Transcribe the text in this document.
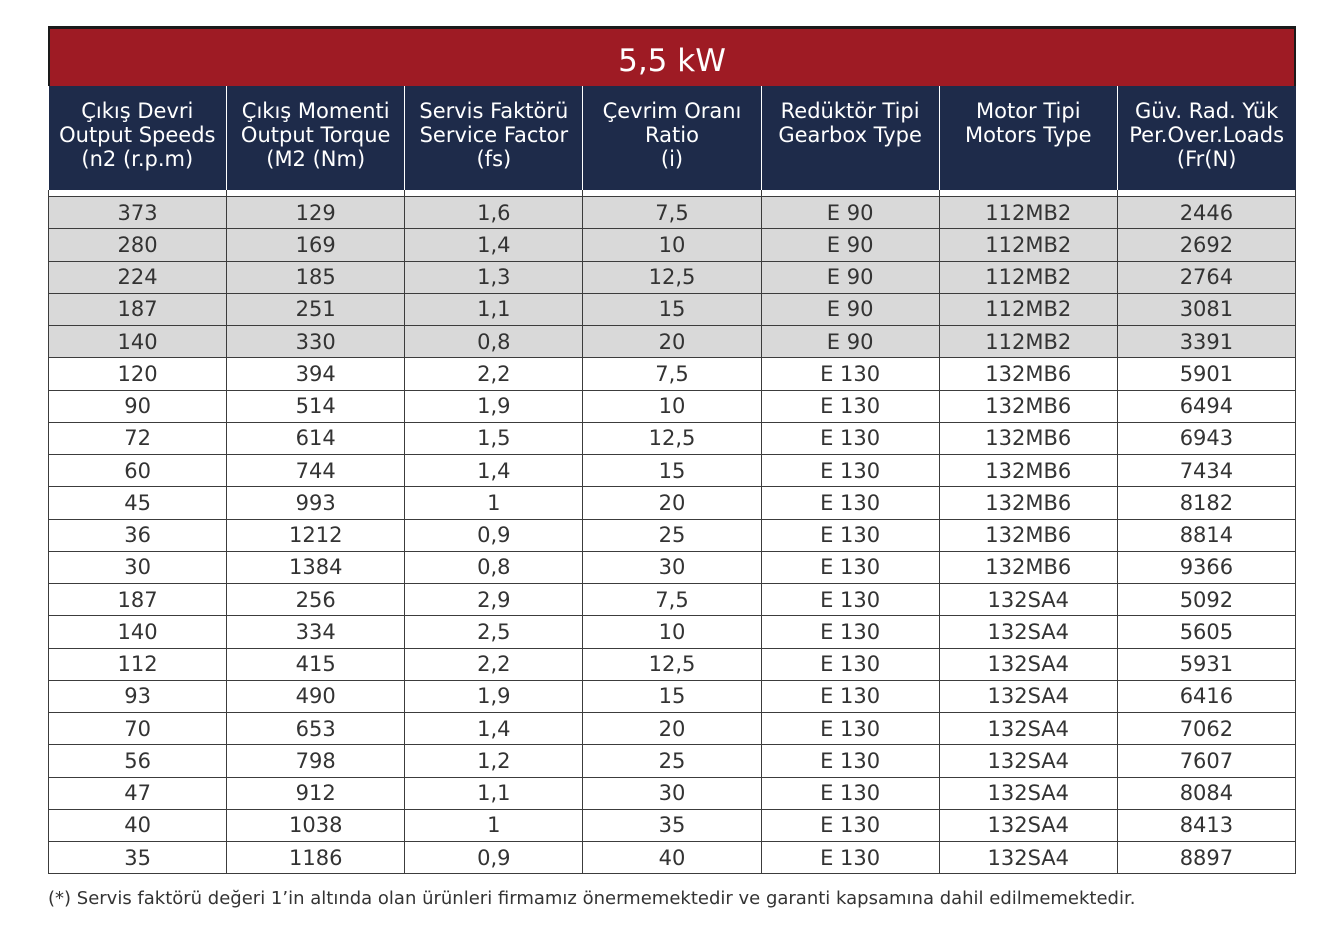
5,5 kW
Çıkış Devri
Output Speeds
(n2 (r.p.m)	Çıkış Momenti
Output Torque
(M2 (Nm)	Servis Faktörü
Service Factor
(fs)	Çevrim Oranı
Ratio
(i)	Redüktör Tipi
Gearbox Type	Motor Tipi
Motors Type	Güv. Rad. Yük
Per.Over.Loads
(Fr(N)

373	129	1,6	7,5	E 90	112MB2	2446
280	169	1,4	10	E 90	112MB2	2692
224	185	1,3	12,5	E 90	112MB2	2764
187	251	1,1	15	E 90	112MB2	3081
140	330	0,8	20	E 90	112MB2	3391
120	394	2,2	7,5	E 130	132MB6	5901
90	514	1,9	10	E 130	132MB6	6494
72	614	1,5	12,5	E 130	132MB6	6943
60	744	1,4	15	E 130	132MB6	7434
45	993	1	20	E 130	132MB6	8182
36	1212	0,9	25	E 130	132MB6	8814
30	1384	0,8	30	E 130	132MB6	9366
187	256	2,9	7,5	E 130	132SA4	5092
140	334	2,5	10	E 130	132SA4	5605
112	415	2,2	12,5	E 130	132SA4	5931
93	490	1,9	15	E 130	132SA4	6416
70	653	1,4	20	E 130	132SA4	7062
56	798	1,2	25	E 130	132SA4	7607
47	912	1,1	30	E 130	132SA4	8084
40	1038	1	35	E 130	132SA4	8413
35	1186	0,9	40	E 130	132SA4	8897
(*) Servis faktörü değeri 1’in altında olan ürünleri firmamız önermemektedir ve garanti kapsamına dahil edilmemektedir.
